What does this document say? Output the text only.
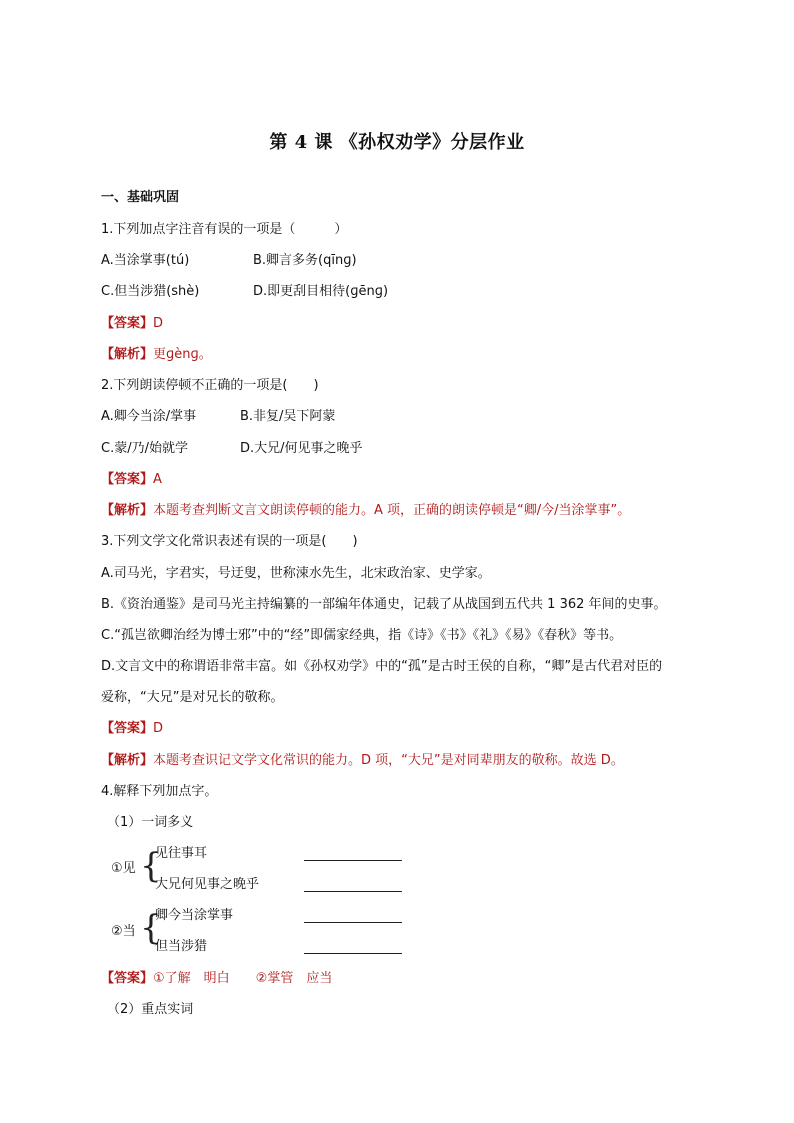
第 4 课 《孙权劝学》分层作业
一、基础巩固
1.下列加点字注音有误的一项是（　　　）
A.当涂掌事(tú)	B.卿言多务(qīnɡ)
C.但当涉猎(shè)	D.即更刮目相待(ɡēnɡ)
【答案】D
【解析】更ɡènɡ。
2.下列朗读停顿不正确的一项是(　　)
A.卿今当涂/掌事	B.非复/吴下阿蒙
C.蒙/乃/始就学	D.大兄/何见事之晚乎
【答案】A
【解析】本题考查判断文言文朗读停顿的能力。A 项，正确的朗读停顿是“卿/今/当涂掌事”。
3.下列文学文化常识表述有误的一项是(　　)
A.司马光，字君实，号迂叟，世称涑水先生，北宋政治家、史学家。
B.《资治通鉴》是司马光主持编纂的一部编年体通史，记载了从战国到五代共 1 362 年间的史事。
C.“孤岂欲卿治经为博士邪”中的“经”即儒家经典，指《诗》《书》《礼》《易》《春秋》等书。
D.文言文中的称谓语非常丰富。如《孙权劝学》中的“孤”是古时王侯的自称，“卿”是古代君对臣的
爱称，“大兄”是对兄长的敬称。
【答案】D
【解析】本题考查识记文学文化常识的能力。D 项，“大兄”是对同辈朋友的敬称。故选 D。
4.解释下列加点字。
（1）一词多义
①见 {
见往事耳
大兄何见事之晚乎
②当 {
卿今当涂掌事
但当涉猎
【答案】①了解　明白　　②掌管　应当
（2）重点实词
